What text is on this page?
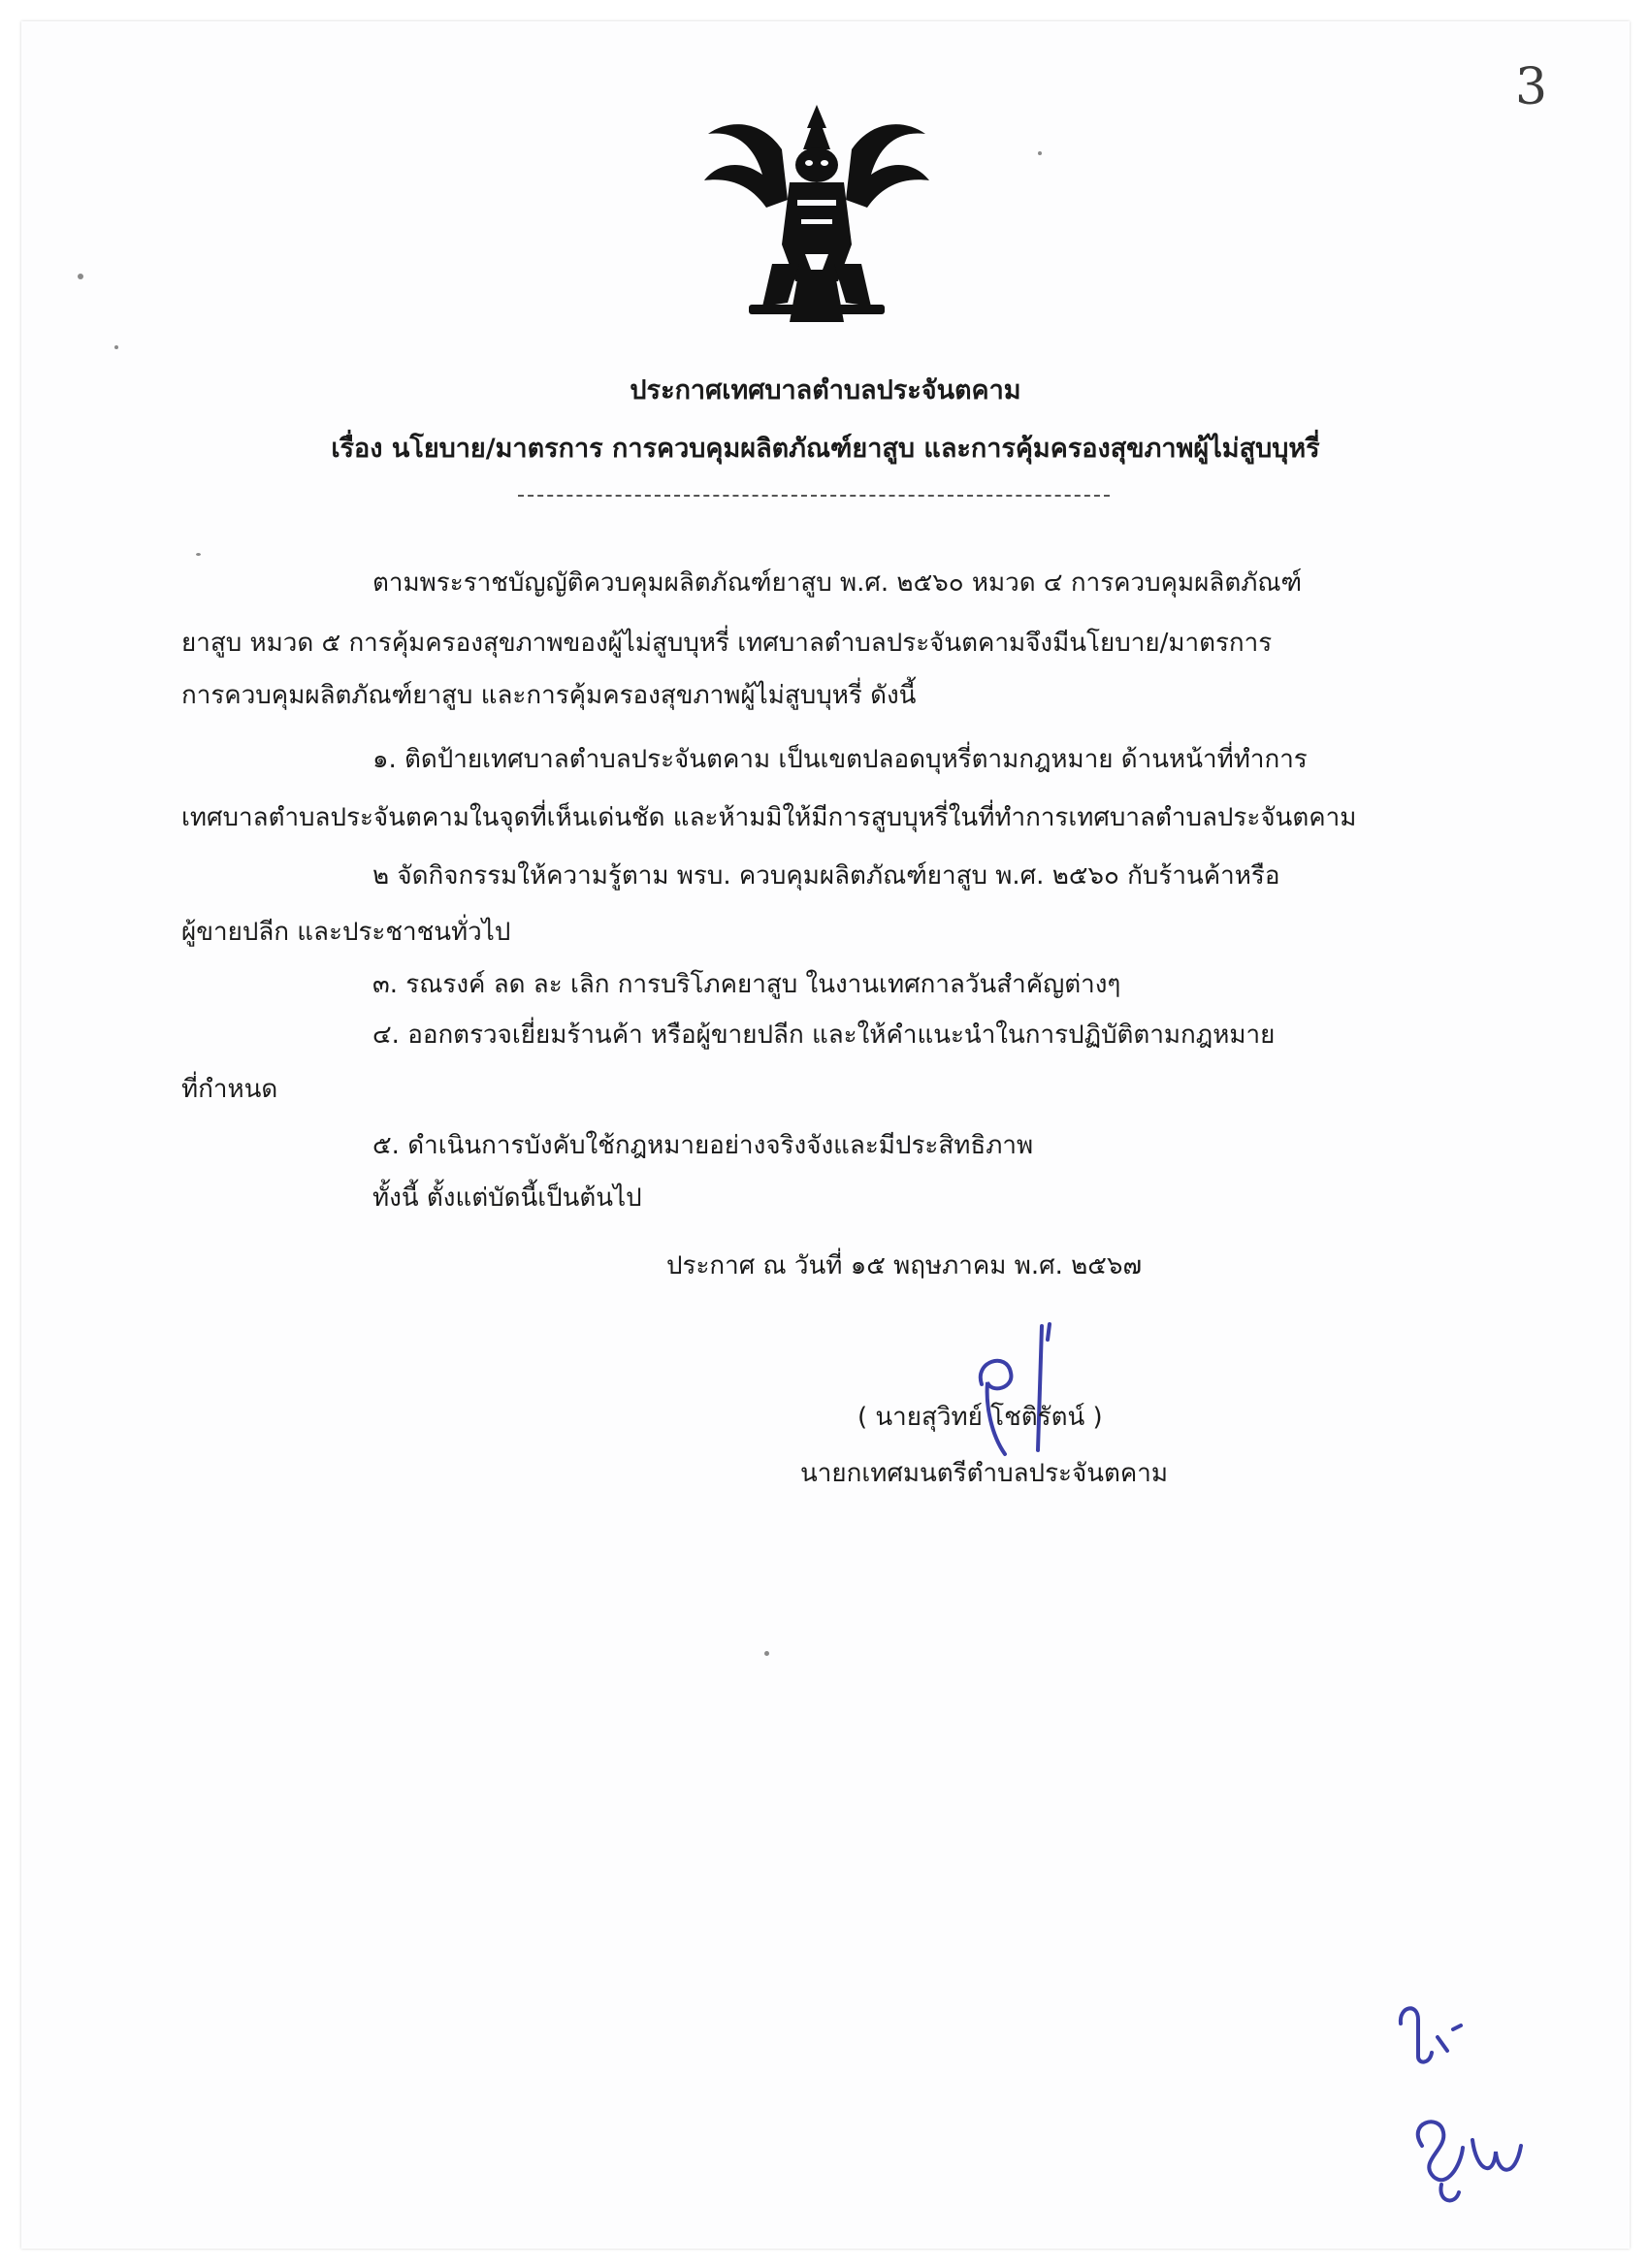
3
ประกาศเทศบาลตำบลประจันตคาม
เรื่อง นโยบาย/มาตรการ การควบคุมผลิตภัณฑ์ยาสูบ และการคุ้มครองสุขภาพผู้ไม่สูบบุหรี่
ตามพระราชบัญญัติควบคุมผลิตภัณฑ์ยาสูบ พ.ศ. ๒๕๖๐ หมวด ๔ การควบคุมผลิตภัณฑ์
ยาสูบ หมวด ๕ การคุ้มครองสุขภาพของผู้ไม่สูบบุหรี่ เทศบาลตำบลประจันตคามจึงมีนโยบาย/มาตรการ
การควบคุมผลิตภัณฑ์ยาสูบ และการคุ้มครองสุขภาพผู้ไม่สูบบุหรี่ ดังนี้
๑. ติดป้ายเทศบาลตำบลประจันตคาม เป็นเขตปลอดบุหรี่ตามกฎหมาย ด้านหน้าที่ทำการ
เทศบาลตำบลประจันตคามในจุดที่เห็นเด่นชัด และห้ามมิให้มีการสูบบุหรี่ในที่ทำการเทศบาลตำบลประจันตคาม
๒ จัดกิจกรรมให้ความรู้ตาม พรบ. ควบคุมผลิตภัณฑ์ยาสูบ พ.ศ. ๒๕๖๐ กับร้านค้าหรือ
ผู้ขายปลีก และประชาชนทั่วไป
๓. รณรงค์ ลด ละ เลิก การบริโภคยาสูบ ในงานเทศกาลวันสำคัญต่างๆ
๔. ออกตรวจเยี่ยมร้านค้า หรือผู้ขายปลีก และให้คำแนะนำในการปฏิบัติตามกฎหมาย
ที่กำหนด
๕. ดำเนินการบังคับใช้กฎหมายอย่างจริงจังและมีประสิทธิภาพ
ทั้งนี้ ตั้งแต่บัดนี้เป็นต้นไป
ประกาศ ณ วันที่ ๑๕ พฤษภาคม พ.ศ. ๒๕๖๗
( นายสุวิทย์ โชติรัตน์ )
นายกเทศมนตรีตำบลประจันตคาม
